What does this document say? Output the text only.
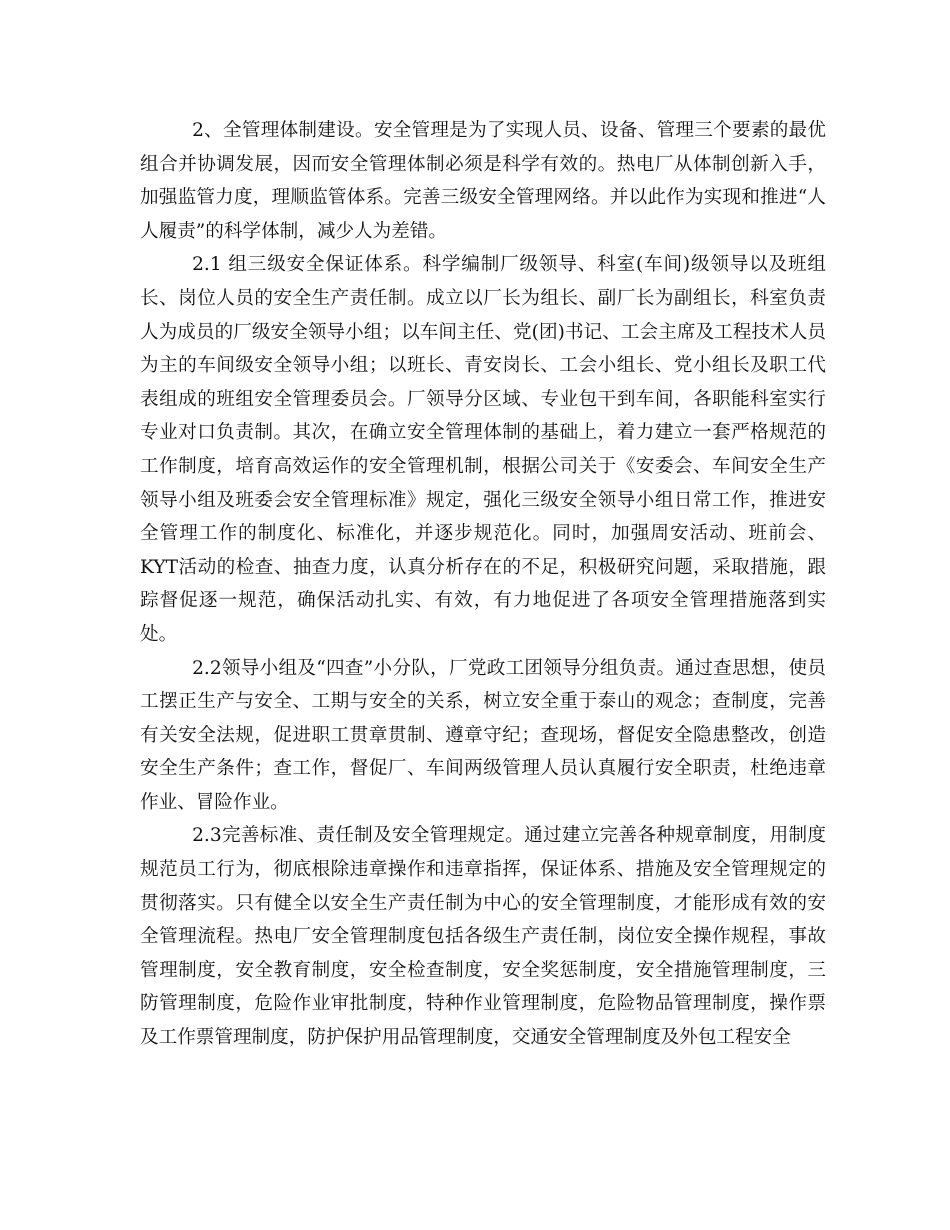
2、全管理体制建设。安全管理是为了实现人员、设备、管理三个要素的最优组合并协调发展，因而安全管理体制必须是科学有效的。热电厂从体制创新入手，加强监管力度，理顺监管体系。完善三级安全管理网络。并以此作为实现和推进“人人履责”的科学体制，减少人为差错。

2.1 组三级安全保证体系。科学编制厂级领导、科室(车间)级领导以及班组长、岗位人员的安全生产责任制。成立以厂长为组长、副厂长为副组长，科室负责人为成员的厂级安全领导小组；以车间主任、党(团)书记、工会主席及工程技术人员为主的车间级安全领导小组；以班长、青安岗长、工会小组长、党小组长及职工代表组成的班组安全管理委员会。厂领导分区域、专业包干到车间，各职能科室实行专业对口负责制。其次，在确立安全管理体制的基础上，着力建立一套严格规范的工作制度，培育高效运作的安全管理机制，根据公司关于《安委会、车间安全生产领导小组及班委会安全管理标准》规定，强化三级安全领导小组日常工作，推进安全管理工作的制度化、标准化，并逐步规范化。同时，加强周安活动、班前会、KYT活动的检查、抽查力度，认真分析存在的不足，积极研究问题，采取措施，跟踪督促逐一规范，确保活动扎实、有效，有力地促进了各项安全管理措施落到实处。

2.2领导小组及“四查”小分队，厂党政工团领导分组负责。通过查思想，使员工摆正生产与安全、工期与安全的关系，树立安全重于泰山的观念；查制度，完善有关安全法规，促进职工贯章贯制、遵章守纪；查现场，督促安全隐患整改，创造安全生产条件；查工作，督促厂、车间两级管理人员认真履行安全职责，杜绝违章作业、冒险作业。

2.3完善标准、责任制及安全管理规定。通过建立完善各种规章制度，用制度规范员工行为，彻底根除违章操作和违章指挥，保证体系、措施及安全管理规定的贯彻落实。只有健全以安全生产责任制为中心的安全管理制度，才能形成有效的安全管理流程。热电厂安全管理制度包括各级生产责任制，岗位安全操作规程，事故管理制度，安全教育制度，安全检查制度，安全奖惩制度，安全措施管理制度，三防管理制度，危险作业审批制度，特种作业管理制度，危险物品管理制度，操作票及工作票管理制度，防护保护用品管理制度，交通安全管理制度及外包工程安全
